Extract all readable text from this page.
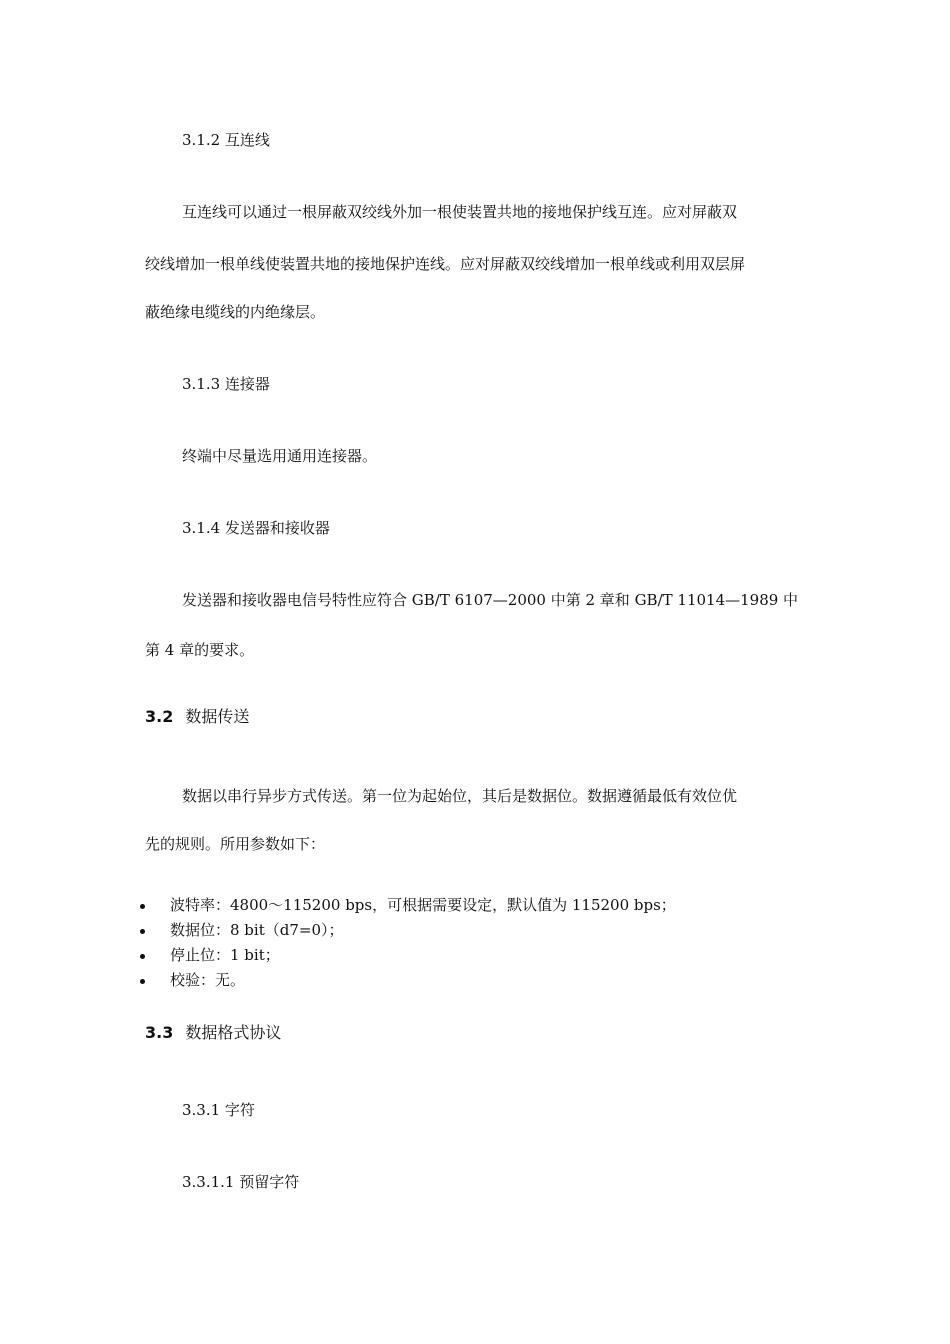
3.1.2 互连线
互连线可以通过一根屏蔽双绞线外加一根使装置共地的接地保护线互连。应对屏蔽双
绞线增加一根单线使装置共地的接地保护连线。应对屏蔽双绞线增加一根单线或利用双层屏
蔽绝缘电缆线的内绝缘层。
3.1.3 连接器
终端中尽量选用通用连接器。
3.1.4 发送器和接收器
发送器和接收器电信号特性应符合 GB/T 6107—2000 中第 2 章和 GB/T 11014—1989 中
第 4 章的要求。
3.2 数据传送
数据以串行异步方式传送。第一位为起始位，其后是数据位。数据遵循最低有效位优
先的规则。所用参数如下：
波特率：4800～115200 bps，可根据需要设定，默认值为 115200 bps；
数据位：8 bit（d7=0）；
停止位：1 bit；
校验：无。
3.3 数据格式协议
3.3.1 字符
3.3.1.1 预留字符
